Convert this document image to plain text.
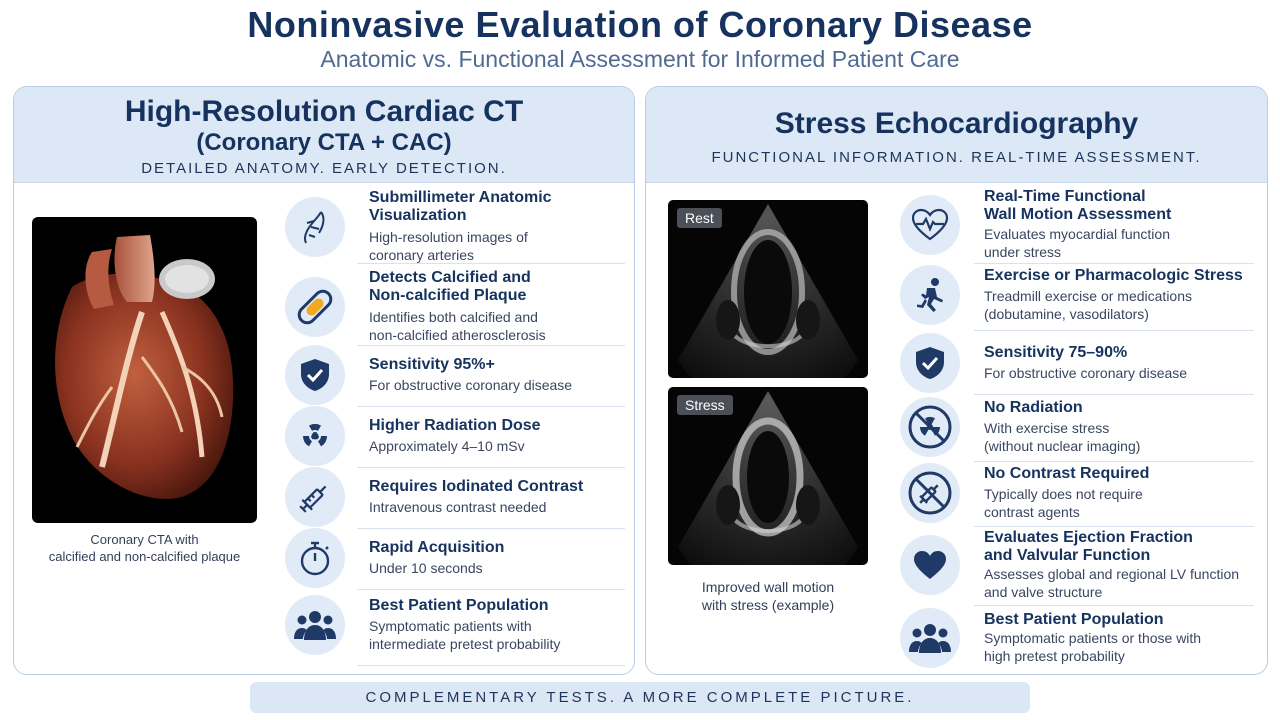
Noninvasive Evaluation of Coronary Disease
Anatomic vs. Functional Assessment for Informed Patient Care
High-Resolution Cardiac CT
(Coronary CTA + CAC)
DETAILED ANATOMY. EARLY DETECTION.
Coronary CTA with
calcified and non-calcified plaque
Submillimeter Anatomic
Visualization
High-resolution images of
coronary arteries
Detects Calcified and
Non-calcified Plaque
Identifies both calcified and
non-calcified atherosclerosis
Sensitivity 95%+
For obstructive coronary disease
Higher Radiation Dose
Approximately 4–10 mSv
Requires Iodinated Contrast
Intravenous contrast needed
Rapid Acquisition
Under 10 seconds
Best Patient Population
Symptomatic patients with
intermediate pretest probability
Stress Echocardiography
FUNCTIONAL INFORMATION. REAL-TIME ASSESSMENT.
Rest
Stress
Improved wall motion
with stress (example)
Real-Time Functional
Wall Motion Assessment
Evaluates myocardial function
under stress
Exercise or Pharmacologic Stress
Treadmill exercise or medications
(dobutamine, vasodilators)
Sensitivity 75–90%
For obstructive coronary disease
No Radiation
With exercise stress
(without nuclear imaging)
No Contrast Required
Typically does not require
contrast agents
Evaluates Ejection Fraction
and Valvular Function
Assesses global and regional LV function
and valve structure
Best Patient Population
Symptomatic patients or those with
high pretest probability
COMPLEMENTARY TESTS. A MORE COMPLETE PICTURE.
